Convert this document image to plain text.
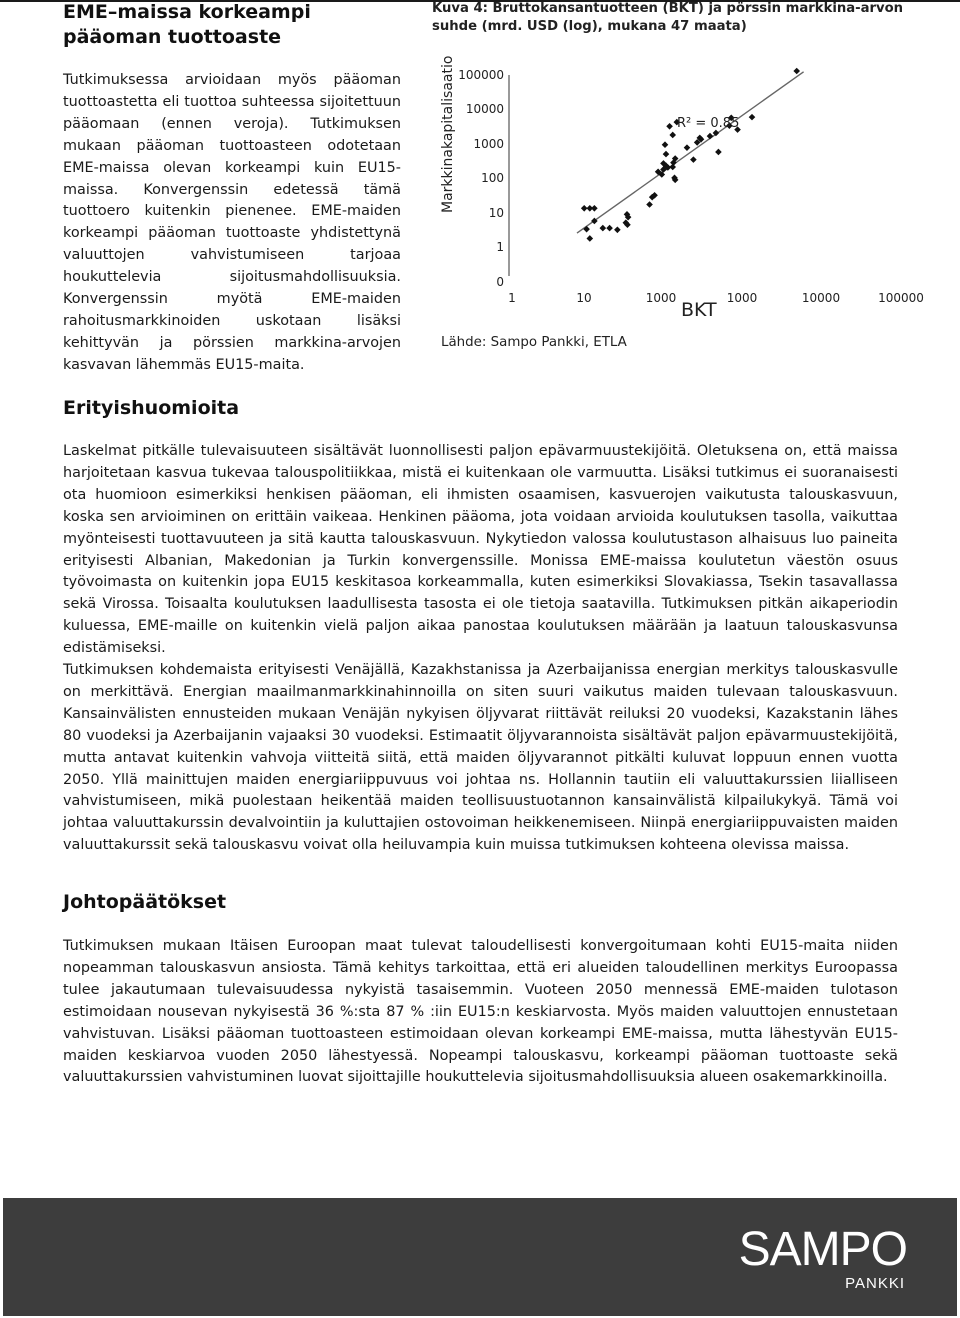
EME–maissa korkeampi pääoman tuottoaste

Tutkimuksessa arvioidaan myös pääoman tuottoastetta eli tuottoa suhteessa sijoitettuun pääomaan (ennen veroja). Tutkimuksen mukaan pääoman tuottoasteen odotetaan EME-maissa olevan korkeampi kuin EU15-maissa. Konvergenssin edetessä tämä tuottoero kuitenkin pienenee. EME-maiden korkeampi pääoman tuottoaste yhdistettynä valuuttojen vahvistumiseen tarjoaa houkuttelevia sijoitusmahdollisuuksia. Konvergenssin myötä EME-maiden rahoitusmarkkinoiden uskotaan lisäksi kehittyvän ja pörssien markkina-arvojen kasvavan lähemmäs EU15-maita.

Kuva 4: Bruttokansantuotteen (BKT) ja pörssin markkina-arvon suhde (mrd. USD (log), mukana 47 maata)

100000
10000
1000
100
10
1
0
1	10	1000	1000	10000	100000
R² = 0.85
BKT
Markkinakapitalisaatio

Lähde: Sampo Pankki, ETLA

Erityishuomioita

Laskelmat pitkälle tulevaisuuteen sisältävät luonnollisesti paljon epävarmuustekijöitä. Oletuksena on, että maissa harjoitetaan kasvua tukevaa talouspolitiikkaa, mistä ei kuitenkaan ole varmuutta. Lisäksi tutkimus ei suoranaisesti ota huomioon esimerkiksi henkisen pääoman, eli ihmisten osaamisen, kasvuerojen vaikutusta talouskasvuun, koska sen arvioiminen on erittäin vaikeaa. Henkinen pääoma, jota voidaan arvioida koulutuksen tasolla, vaikuttaa myönteisesti tuottavuuteen ja sitä kautta talouskasvuun. Nykytiedon valossa koulutustason alhaisuus luo paineita erityisesti Albanian, Makedonian ja Turkin konvergenssille. Monissa EME-maissa koulutetun väestön osuus työvoimasta on kuitenkin jopa EU15 keskitasoa korkeammalla, kuten esimerkiksi Slovakiassa, Tsekin tasavallassa sekä Virossa. Toisaalta koulutuksen laadullisesta tasosta ei ole tietoja saatavilla. Tutkimuksen pitkän aikaperiodin kuluessa, EME-maille on kuitenkin vielä paljon aikaa panostaa koulutuksen määrään ja laatuun talouskasvunsa edistämiseksi.

Tutkimuksen kohdemaista erityisesti Venäjällä, Kazakhstanissa ja Azerbaijanissa energian merkitys talouskasvulle on merkittävä. Energian maailmanmarkkinahinnoilla on siten suuri vaikutus maiden tulevaan talouskasvuun. Kansainvälisten ennusteiden mukaan Venäjän nykyisen öljyvarat riittävät reiluksi 20 vuodeksi, Kazakstanin lähes 80 vuodeksi ja Azerbaijanin vajaaksi 30 vuodeksi. Estimaatit öljyvarannoista sisältävät paljon epävarmuustekijöitä, mutta antavat kuitenkin vahvoja viitteitä siitä, että maiden öljyvarannot pitkälti kuluvat loppuun ennen vuotta 2050. Yllä mainittujen maiden energiariippuvuus voi johtaa ns. Hollannin tautiin eli valuuttakurssien liialliseen vahvistumiseen, mikä puolestaan heikentää maiden teollisuustuotannon kansainvälistä kilpailukykyä. Tämä voi johtaa valuuttakurssin devalvointiin ja kuluttajien ostovoiman heikkenemiseen. Niinpä energiariippuvaisten maiden valuuttakurssit sekä talouskasvu voivat olla heiluvampia kuin muissa tutkimuksen kohteena olevissa maissa.

Johtopäätökset

Tutkimuksen mukaan Itäisen Euroopan maat tulevat taloudellisesti konvergoitumaan kohti EU15-maita niiden nopeamman talouskasvun ansiosta. Tämä kehitys tarkoittaa, että eri alueiden taloudellinen merkitys Euroopassa tulee jakautumaan tulevaisuudessa nykyistä tasaisemmin. Vuoteen 2050 mennessä EME-maiden tulotason estimoidaan nousevan nykyisestä 36 %:sta 87 % :iin EU15:n keskiarvosta. Myös maiden valuuttojen ennustetaan vahvistuvan. Lisäksi pääoman tuottoasteen estimoidaan olevan korkeampi EME-maissa, mutta lähestyvän EU15-maiden keskiarvoa vuoden 2050 lähestyessä. Nopeampi talouskasvu, korkeampi pääoman tuottoaste sekä valuuttakurssien vahvistuminen luovat sijoittajille houkuttelevia sijoitusmahdollisuuksia alueen osakemarkkinoilla.

SAMPO
PANKKI
